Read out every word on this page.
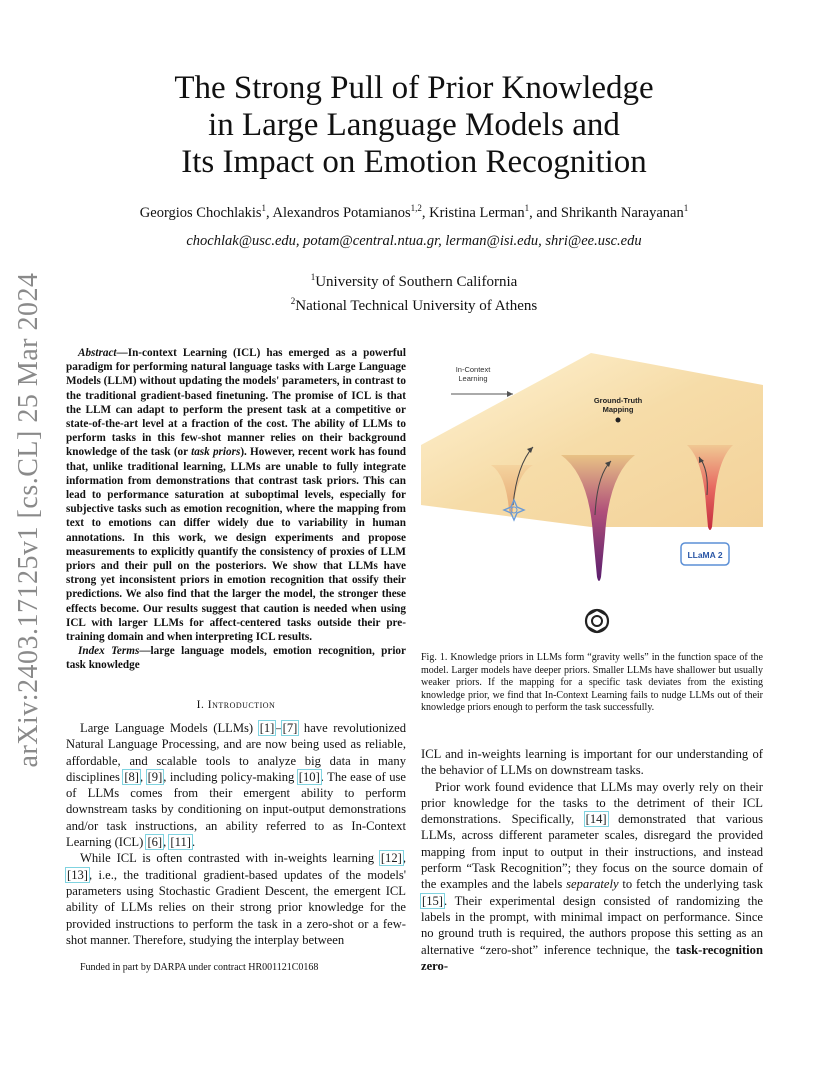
arXiv:2403.17125v1 [cs.CL] 25 Mar 2024
The Strong Pull of Prior Knowledge
in Large Language Models and
Its Impact on Emotion Recognition
Georgios Chochlakis$^1$, Alexandros Potamianos$^{1,2}$, Kristina Lerman$^1$, and Shrikanth Narayanan$^1$
chochlak@usc.edu, potam@central.ntua.gr, lerman@isi.edu, shri@ee.usc.edu
$^1$University of Southern California
$^2$National Technical University of Athens

Abstract—In-context Learning (ICL) has emerged as a powerful paradigm for performing natural language tasks with Large Language Models (LLM) without updating the models' parameters, in contrast to the traditional gradient-based finetuning. The promise of ICL is that the LLM can adapt to perform the present task at a competitive or state-of-the-art level at a fraction of the cost. The ability of LLMs to perform tasks in this few-shot manner relies on their background knowledge of the task (or task priors). However, recent work has found that, unlike traditional learning, LLMs are unable to fully integrate information from demonstrations that contrast task priors. This can lead to performance saturation at suboptimal levels, especially for subjective tasks such as emotion recognition, where the mapping from text to emotions can differ widely due to variability in human annotations. In this work, we design experiments and propose measurements to explicitly quantify the consistency of proxies of LLM priors and their pull on the posteriors. We show that LLMs have strong yet inconsistent priors in emotion recognition that ossify their predictions. We also find that the larger the model, the stronger these effects become. Our results suggest that caution is needed when using ICL with larger LLMs for affect-centered tasks outside their pre-training domain and when interpreting ICL results.

Index Terms—large language models, emotion recognition, prior task knowledge

I. Introduction

Large Language Models (LLMs) [1]–[7] have revolutionized Natural Language Processing, and are now being used as reliable, affordable, and scalable tools to analyze big data in many disciplines [8], [9], including policy-making [10]. The ease of use of LLMs comes from their emergent ability to perform downstream tasks by conditioning on input-output demonstrations and/or task instructions, an ability referred to as In-Context Learning (ICL) [6], [11].

While ICL is often contrasted with in-weights learning [12], [13], i.e., the traditional gradient-based updates of the models' parameters using Stochastic Gradient Descent, the emergent ICL ability of LLMs relies on their strong prior knowledge for the provided instructions to perform the task in a zero-shot or a few-shot manner. Therefore, studying the interplay between

Funded in part by DARPA under contract HR001121C0168
In-Context
Learning
Ground-Truth
Mapping
LLaMA 2
Fig. 1. Knowledge priors in LLMs form “gravity wells” in the function space of the model. Larger models have deeper priors. Smaller LLMs have shallower but usually weaker priors. If the mapping for a specific task deviates from the existing knowledge prior, we find that In-Context Learning fails to nudge LLMs out of their knowledge priors enough to perform the task successfully.

ICL and in-weights learning is important for our understanding of the behavior of LLMs on downstream tasks.

Prior work found evidence that LLMs may overly rely on their prior knowledge for the tasks to the detriment of their ICL demonstrations. Specifically, [14] demonstrated that various LLMs, across different parameter scales, disregard the provided mapping from input to output in their instructions, and instead perform “Task Recognition”; they focus on the source domain of the examples and the labels separately to fetch the underlying task [15]. Their experimental design consisted of randomizing the labels in the prompt, with minimal impact on performance. Since no ground truth is required, the authors propose this setting as an alternative “zero-shot” inference technique, the task-recognition zero-
